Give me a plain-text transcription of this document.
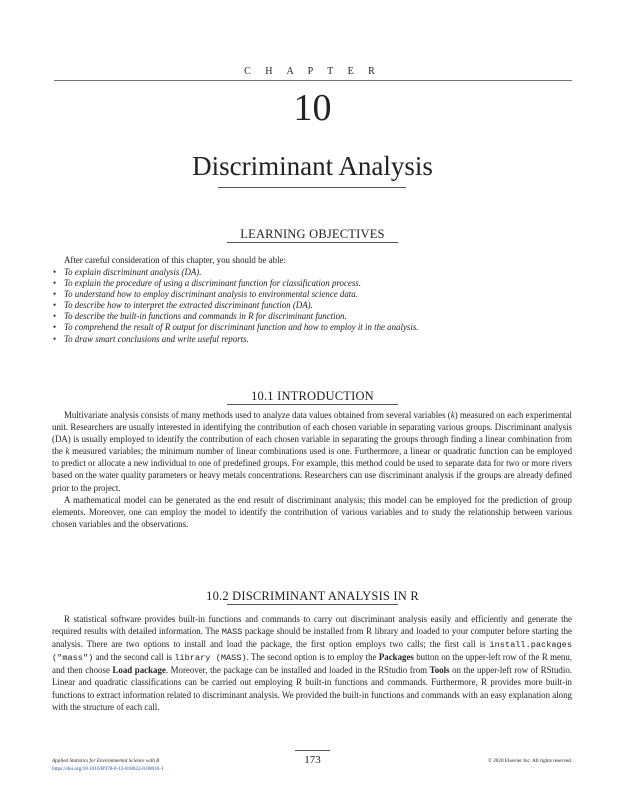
C H A P T E R
10
Discriminant Analysis
LEARNING OBJECTIVES
After careful consideration of this chapter, you should be able:
• To explain discriminant analysis (DA).
• To explain the procedure of using a discriminant function for classification process.
• To understand how to employ discriminant analysis to environmental science data.
• To describe how to interpret the extracted discriminant function (DA).
• To describe the built-in functions and commands in R for discriminant function.
• To comprehend the result of R output for discriminant function and how to employ it in the analysis.
• To draw smart conclusions and write useful reports.
10.1 INTRODUCTION

Multivariate analysis consists of many methods used to analyze data values obtained from several variables (k) measured on each experimental unit. Researchers are usually interested in identifying the contribution of each chosen variable in separating various groups. Discriminant analysis (DA) is usually employed to identify the contribution of each chosen variable in separating the groups through finding a linear combination from the k measured variables; the minimum number of linear combinations used is one. Furthermore, a linear or quadratic function can be employed to predict or allocate a new individual to one of predefined groups. For example, this method could be used to separate data for two or more rivers based on the water quality parameters or heavy metals concentrations. Researchers can use discriminant analysis if the groups are already defined prior to the project.

A mathematical model can be generated as the end result of discriminant analysis; this model can be employed for the prediction of group elements. Moreover, one can employ the model to identify the contribution of various variables and to study the relationship between various chosen variables and the observations.

10.2 DISCRIMINANT ANALYSIS IN R

R statistical software provides built-in functions and commands to carry out discriminant analysis easily and efficiently and generate the required results with detailed information. The MASS package should be installed from R library and loaded to your computer before starting the analysis. There are two options to install and load the package, the first option employs two calls; the first call is install.packages ("mass") and the second call is library (MASS). The second option is to employ the Packages button on the upper-left row of the R menu, and then choose Load package. Moreover, the package can be installed and loaded in the RStudio from Tools on the upper-left row of RStudio. Linear and quadratic classifications can be carried out employing R built-in functions and commands. Furthermore, R provides more built-in functions to extract information related to discriminant analysis. We provided the built-in functions and commands with an easy explanation along with the structure of each call.

173
Applied Statistics for Environmental Science with R
https://doi.org/10.1016/B978-0-12-818622-0.00010-1
© 2020 Elsevier Inc. All rights reserved.
